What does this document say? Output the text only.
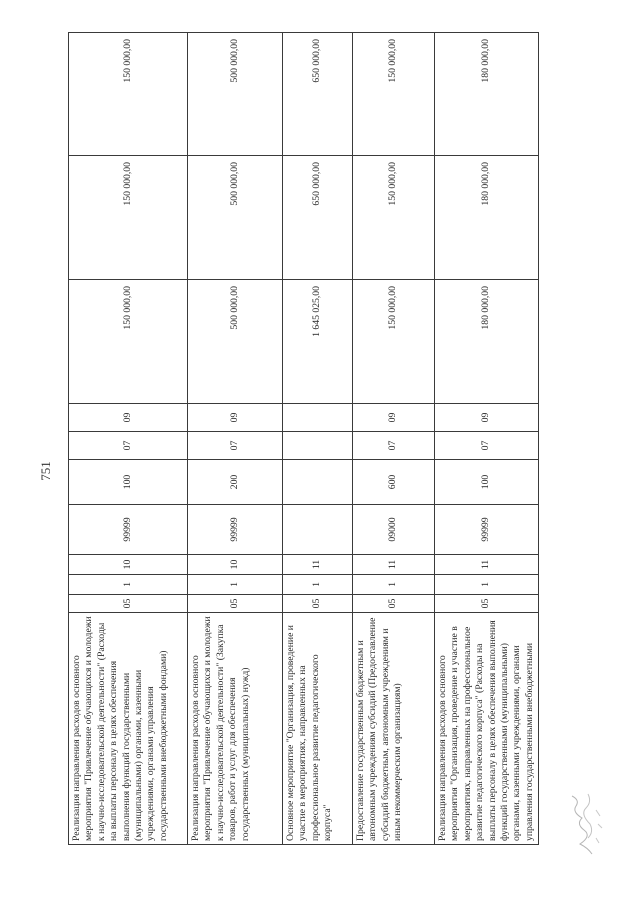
751
Реализация направления расходов основного мероприятия "Привлечение обучающихся и молодежи к научно-исследовательской деятельности" (Расходы на выплаты персоналу в целях обеспечения выполнения функций государственными (муниципальными) органами, казенными учреждениями, органами управления государственными внебюджетными фондами)	05	1	10	99999	100	07	09	150 000,00	150 000,00	150 000,00
Реализация направления расходов основного мероприятия "Привлечение обучающихся и молодежи к научно-исследовательской деятельности" (Закупка товаров, работ и услуг для обеспечения государственных (муниципальных) нужд)	05	1	10	99999	200	07	09	500 000,00	500 000,00	500 000,00
Основное мероприятие "Организация, проведение и участие в мероприятиях, направленных на профессиональное развитие педагогического корпуса"	05	1	11					1 645 025,00	650 000,00	650 000,00
Предоставление государственным бюджетным и автономным учреждениям субсидий (Предоставление субсидий бюджетным, автономным учреждениям и иным некоммерческим организациям)	05	1	11	09000	600	07	09	150 000,00	150 000,00	150 000,00
Реализация направления расходов основного мероприятия "Организация, проведение и участие в мероприятиях, направленных на профессиональное развитие педагогического корпуса" (Расходы на выплаты персоналу в целях обеспечения выполнения функций государственными (муниципальными) органами, казенными учреждениями, органами управления государственными внебюджетными	05	1	11	99999	100	07	09	180 000,00	180 000,00	180 000,00
